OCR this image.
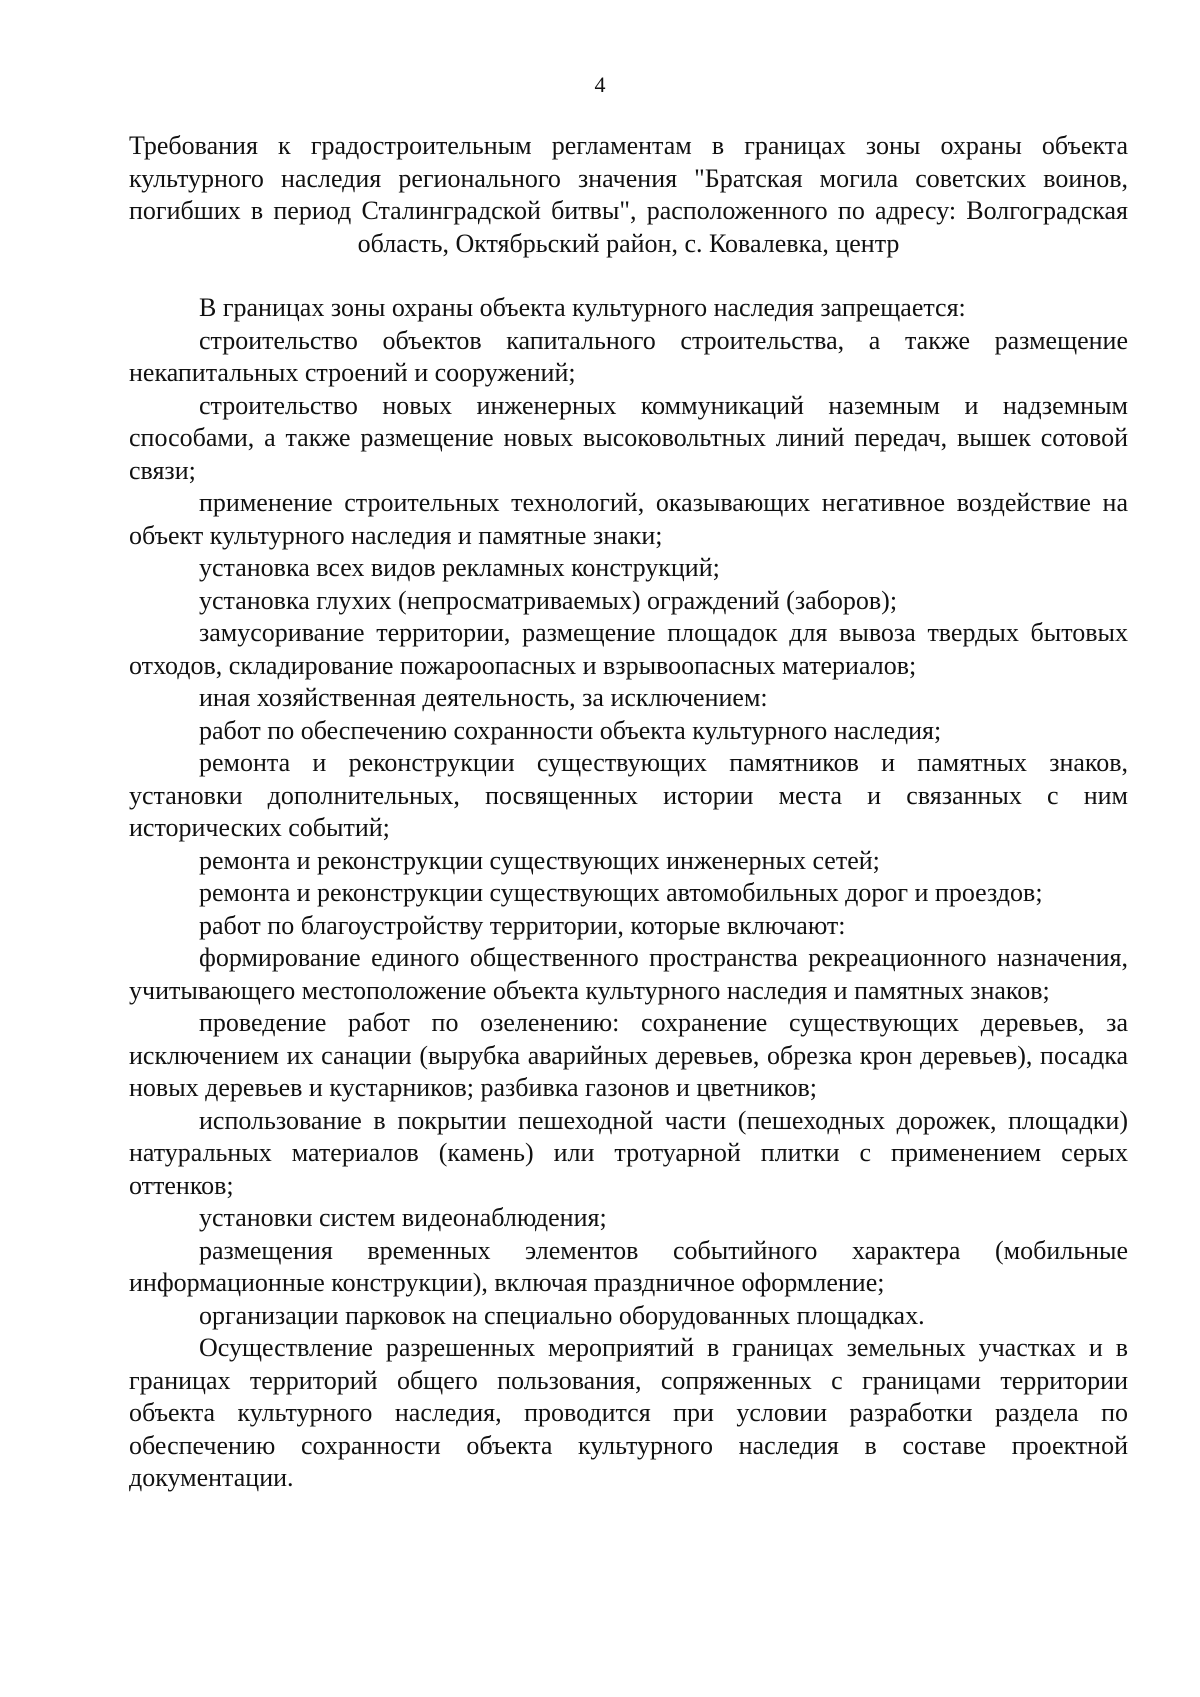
4

Требования к градостроительным регламентам в границах зоны охраны объекта культурного наследия регионального значения "Братская могила советских воинов, погибших в период Сталинградской битвы", расположенного по адресу: Волгоградская область, Октябрьский район, с. Ковалевка, центр

В границах зоны охраны объекта культурного наследия запрещается:

строительство объектов капитального строительства, а также размещение некапитальных строений и сооружений;

строительство новых инженерных коммуникаций наземным и надземным способами, а также размещение новых высоковольтных линий передач, вышек сотовой связи;

применение строительных технологий, оказывающих негативное воздействие на объект культурного наследия и памятные знаки;

установка всех видов рекламных конструкций;

установка глухих (непросматриваемых) ограждений (заборов);

замусоривание территории, размещение площадок для вывоза твердых бытовых отходов, складирование пожароопасных и взрывоопасных материалов;

иная хозяйственная деятельность, за исключением:

работ по обеспечению сохранности объекта культурного наследия;

ремонта и реконструкции существующих памятников и памятных знаков, установки дополнительных, посвященных истории места и связанных с ним исторических событий;

ремонта и реконструкции существующих инженерных сетей;

ремонта и реконструкции существующих автомобильных дорог и проездов;

работ по благоустройству территории, которые включают:

формирование единого общественного пространства рекреационного назначения, учитывающего местоположение объекта культурного наследия и памятных знаков;

проведение работ по озеленению: сохранение существующих деревьев, за исключением их санации (вырубка аварийных деревьев, обрезка крон деревьев), посадка новых деревьев и кустарников; разбивка газонов и цветников;

использование в покрытии пешеходной части (пешеходных дорожек, площадки) натуральных материалов (камень) или тротуарной плитки с применением серых оттенков;

установки систем видеонаблюдения;

размещения временных элементов событийного характера (мобильные информационные конструкции), включая праздничное оформление;

организации парковок на специально оборудованных площадках.

Осуществление разрешенных мероприятий в границах земельных участках и в границах территорий общего пользования, сопряженных с границами территории объекта культурного наследия, проводится при условии разработки раздела по обеспечению сохранности объекта культурного наследия в составе проектной документации.
